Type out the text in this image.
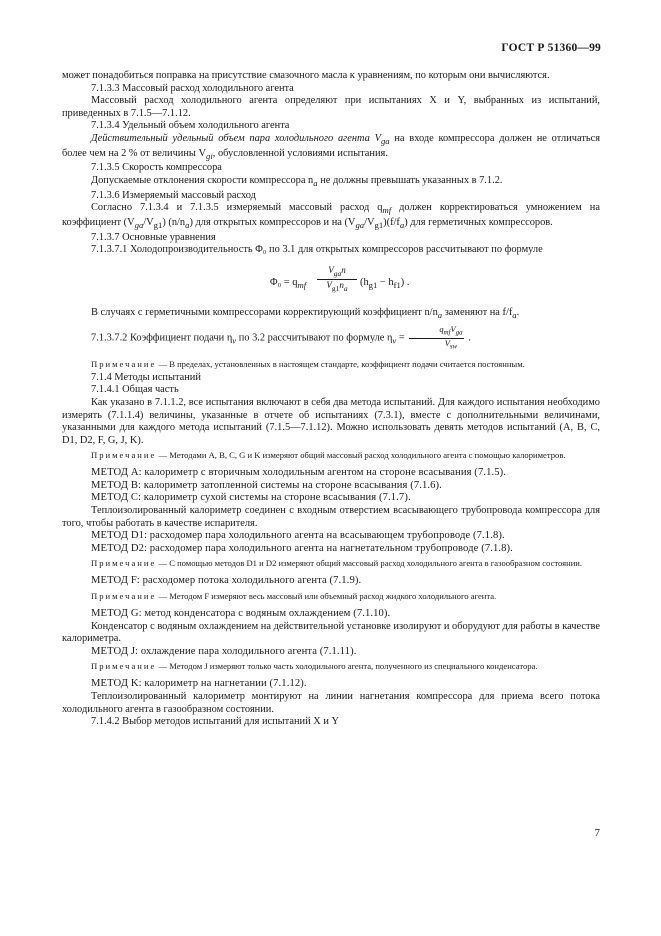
ГОСТ Р 51360—99

может понадобиться поправка на присутствие смазочного масла к уравнениям, по которым они вычисляются.

7.1.3.3 Массовый расход холодильного агента

Массовый расход холодильного агента определяют при испытаниях X и Y, выбранных из испытаний, приведенных в 7.1.5—7.1.12.

7.1.3.4 Удельный объем холодильного агента

Действительный удельный объем пара холодильного агента $V_{ga}$ на входе компрессора должен не отличаться более чем на 2 % от величины $V_{gi}$, обусловленной условиями испытания.

7.1.3.5 Скорость компрессора

Допускаемые отклонения скорости компрессора $n_a$ не должны превышать указанных в 7.1.2.

7.1.3.6 Измеряемый массовый расход

Согласно 7.1.3.4 и 7.1.3.5 измеряемый массовый расход $q_{mf}$ должен корректироваться умножением на коэффициент $(V_{ga}/V_{g1})$ $(n/n_a)$ для открытых компрессоров и на $(V_{ga}/V_{g1})(f/f_a)$ для герметичных компрессоров.

7.1.3.7 Основные уравнения

7.1.3.7.1 Холодопроизводительность Φ₀ по 3.1 для открытых компрессоров рассчитывают по формуле

$\Phi_0 = q_{mf}$
$V_{ga}n$
$V_{g1}n_a$
$(h_{g1} - h_{f1})$ .

В случаях с герметичными компрессорами корректирующий коэффициент $n/n_a$ заменяют на $f/f_a$.

7.1.3.7.2 Коэффициент подачи $\eta_v$ по 3.2 рассчитывают по формуле $\eta_v = \frac{q_{mf}V_{ga}}{V_{sw}}$ .

Примечание — В пределах, установленных в настоящем стандарте, коэффициент подачи считается постоянным.

7.1.4 Методы испытаний

7.1.4.1 Общая часть

Как указано в 7.1.1.2, все испытания включают в себя два метода испытаний. Для каждого испытания необходимо измерять (7.1.1.4) величины, указанные в отчете об испытаниях (7.3.1), вместе с дополнительными величинами, указанными для каждого метода испытаний (7.1.5—7.1.12). Можно использовать девять методов испытаний (A, B, C, D1, D2, F, G, J, K).

Примечание — Методами A, B, C, G и K измеряют общий массовый расход холодильного агента с помощью калориметров.

МЕТОД A: калориметр с вторичным холодильным агентом на стороне всасывания (7.1.5).

МЕТОД B: калориметр затопленной системы на стороне всасывания (7.1.6).

МЕТОД C: калориметр сухой системы на стороне всасывания (7.1.7).

Теплоизолированный калориметр соединен с входным отверстием всасывающего трубопровода компрессора для того, чтобы работать в качестве испарителя.

МЕТОД D1: расходомер пара холодильного агента на всасывающем трубопроводе (7.1.8).

МЕТОД D2: расходомер пара холодильного агента на нагнетательном трубопроводе (7.1.8).

Примечание — С помощью методов D1 и D2 измеряют общий массовый расход холодильного агента в газообразном состоянии.

МЕТОД F: расходомер потока холодильного агента (7.1.9).

Примечание — Методом F измеряют весь массовый или объемный расход жидкого холодильного агента.

МЕТОД G: метод конденсатора с водяным охлаждением (7.1.10).

Конденсатор с водяным охлаждением на действительной установке изолируют и оборудуют для работы в качестве калориметра.

МЕТОД J: охлаждение пара холодильного агента (7.1.11).

Примечание — Методом J измеряют только часть холодильного агента, полученного из специального конденсатора.

МЕТОД K: калориметр на нагнетании (7.1.12).

Теплоизолированный калориметр монтируют на линии нагнетания компрессора для приема всего потока холодильного агента в газообразном состоянии.

7.1.4.2 Выбор методов испытаний для испытаний X и Y

7
